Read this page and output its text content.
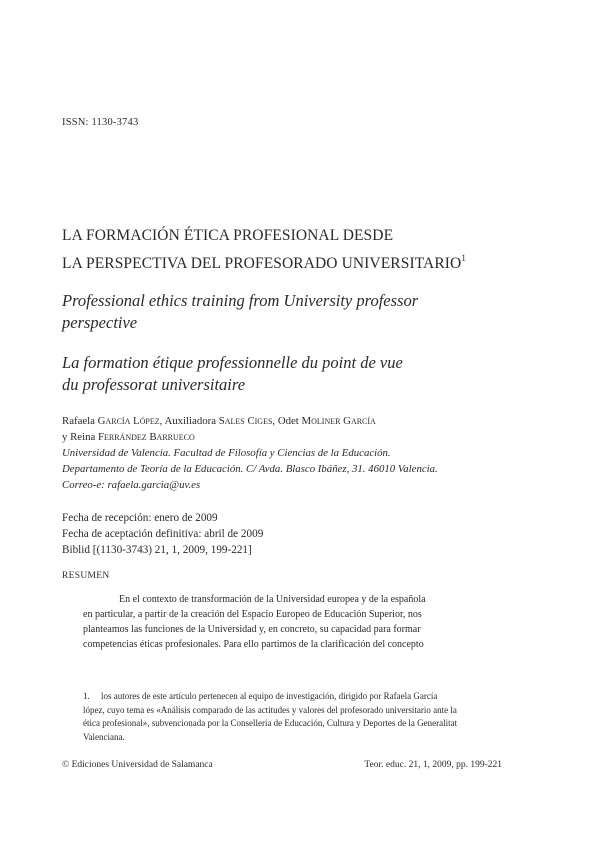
ISSN: 1130-3743
LA FORMACIÓN ÉTICA PROFESIONAL DESDE
LA PERSPECTIVA DEL PROFESORADO UNIVERSITARIO$^1$
Professional ethics training from University professor
perspective
La formation étique professionnelle du point de vue
du professorat universitaire
Rafaela García López, Auxiliadora Sales Ciges, Odet Moliner García
y Reina Ferrández Barrueco
Universidad de Valencia. Facultad de Filosofía y Ciencias de la Educación.
Departamento de Teoría de la Educación. C/ Avda. Blasco Ibáñez, 31. 46010 Valencia.
Correo-e: rafaela.garcia@uv.es
Fecha de recepción: enero de 2009
Fecha de aceptación definitiva: abril de 2009
Biblid [(1130-3743) 21, 1, 2009, 199-221]
RESUMEN
En el contexto de transformación de la Universidad europea y de la española
en particular, a partir de la creación del Espacio Europeo de Educación Superior, nos
planteamos las funciones de la Universidad y, en concreto, su capacidad para formar
competencias éticas profesionales. Para ello partimos de la clarificación del concepto
1. los autores de este artículo pertenecen al equipo de investigación, dirigido por Rafaela García
lópez, cuyo tema es «Análisis comparado de las actitudes y valores del profesorado universitario ante la
ética profesional», subvencionada por la Consellería de Educación, Cultura y Deportes de la Generalitat
Valenciana.
© Ediciones Universidad de Salamanca	Teor. educ. 21, 1, 2009, pp. 199-221
